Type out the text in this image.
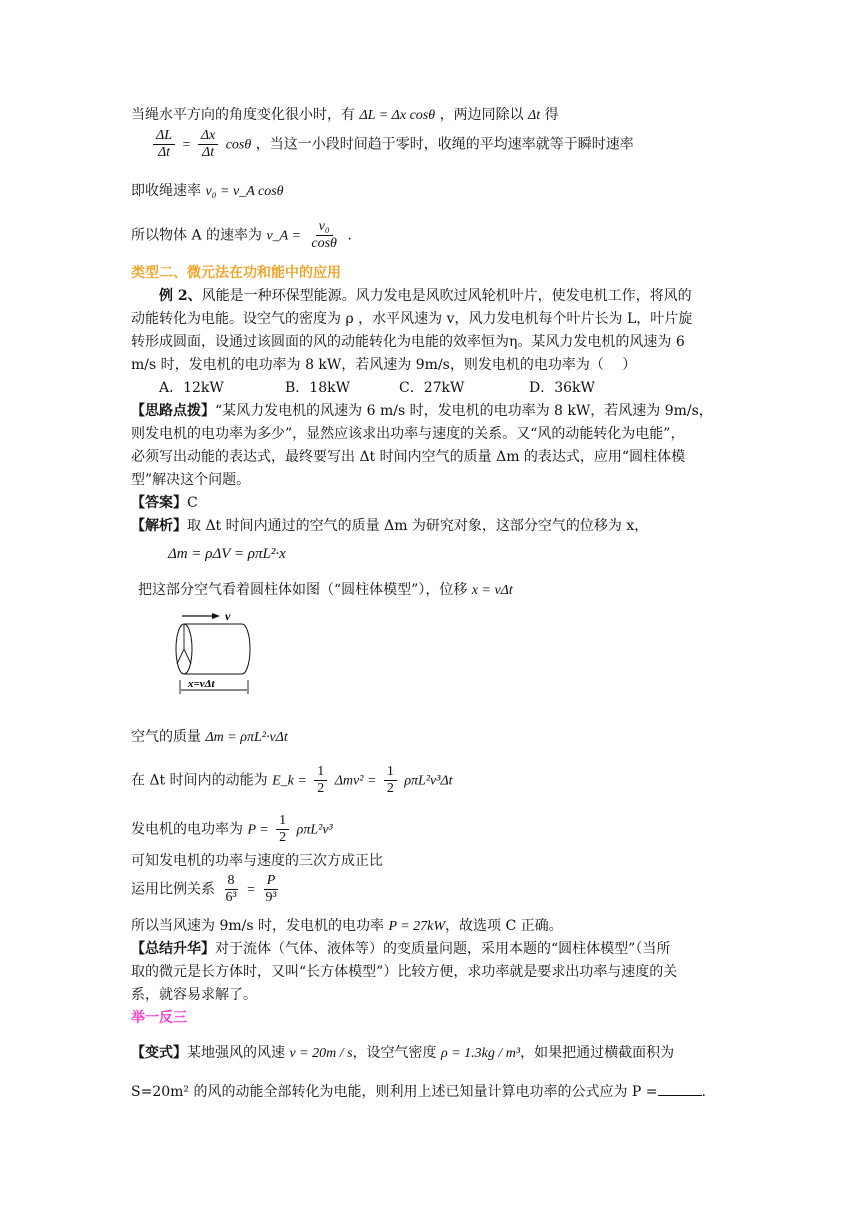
当绳水平方向的角度变化很小时，有 ΔL = Δx cosθ ，两边同除以 Δt 得
$\frac{\Delta L}{\Delta t} = \frac{\Delta x}{\Delta t}$ cosθ ，当这一小段时间趋于零时，收绳的平均速率就等于瞬时速率
即收绳速率 v₀ = v_A cosθ
所以物体 A 的速率为 v_A = $\frac{\text{v₀}}{\cos\theta}$ .
类型二、微元法在功和能中的应用
例 2、风能是一种环保型能源。风力发电是风吹过风轮机叶片，使发电机工作，将风的
动能转化为电能。设空气的密度为 ρ ，水平风速为 v，风力发电机每个叶片长为 L，叶片旋
转形成圆面，设通过该圆面的风的动能转化为电能的效率恒为η。某风力发电机的风速为 6
m/s 时，发电机的电功率为 8 kW，若风速为 9m/s，则发电机的电功率为（　 ）
A．12kW	B．18kW	C．27kW	D．36kW
【思路点拨】“某风力发电机的风速为 6 m/s 时，发电机的电功率为 8 kW，若风速为 9m/s，
则发电机的电功率为多少”，显然应该求出功率与速度的关系。又“风的动能转化为电能”，
必须写出动能的表达式，最终要写出 Δt 时间内空气的质量 Δm 的表达式，应用“圆柱体模
型”解决这个问题。
【答案】C
【解析】取 Δt 时间内通过的空气的质量 Δm 为研究对象，这部分空气的位移为 x，
Δm = ρΔV = ρπL²·x
把这部分空气看着圆柱体如图（“圆柱体模型”），位移 x = vΔt
v
x=vΔt
空气的质量 Δm = ρπL²·vΔt
在 Δt 时间内的动能为 E_k = $\frac{1}{2} \Delta mv^2 = \frac{1}{2} \rho\pi L^2v^3\Delta t$
发电机的电功率为 $P = \frac{1}{2} \rho\pi L^2v^3$
可知发电机的功率与速度的三次方成正比
运用比例关系 $\frac{8}{\text{6³}} = \frac{P}{\text{9³}}$
所以当风速为 9m/s 时，发电机的电功率 P = 27kW，故选项 C 正确。
【总结升华】对于流体（气体、液体等）的变质量问题，采用本题的“圆柱体模型”（当所
取的微元是长方体时，又叫“长方体模型”）比较方便，求功率就是要求出功率与速度的关
系，就容易求解了。
举一反三
【变式】某地强风的风速 v = 20m / s，设空气密度 ρ = 1.3kg / m³，如果把通过横截面积为
S=20m² 的风的动能全部转化为电能，则利用上述已知量计算电功率的公式应为 P =	.
